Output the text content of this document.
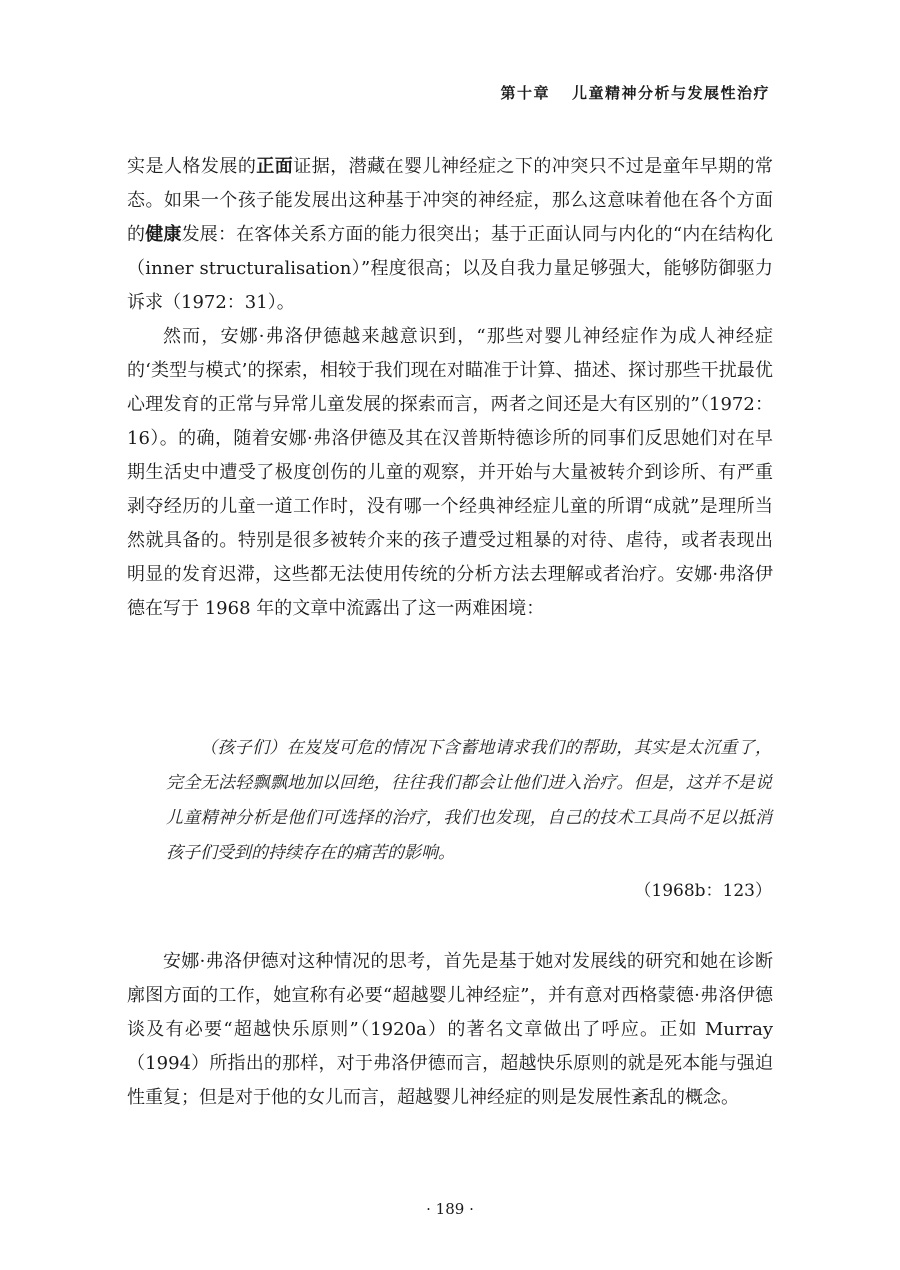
第十章 儿童精神分析与发展性治疗

实是人格发展的正面证据，潜藏在婴儿神经症之下的冲突只不过是童年早期的常态。如果一个孩子能发展出这种基于冲突的神经症，那么这意味着他在各个方面的健康发展：在客体关系方面的能力很突出；基于正面认同与内化的“内在结构化（inner structuralisation）”程度很高；以及自我力量足够强大，能够防御驱力诉求（1972：31）。

然而，安娜·弗洛伊德越来越意识到，“那些对婴儿神经症作为成人神经症的‘类型与模式’的探索，相较于我们现在对瞄准于计算、描述、探讨那些干扰最优心理发育的正常与异常儿童发展的探索而言，两者之间还是大有区别的”（1972：16）。的确，随着安娜·弗洛伊德及其在汉普斯特德诊所的同事们反思她们对在早期生活史中遭受了极度创伤的儿童的观察，并开始与大量被转介到诊所、有严重剥夺经历的儿童一道工作时，没有哪一个经典神经症儿童的所谓“成就”是理所当然就具备的。特别是很多被转介来的孩子遭受过粗暴的对待、虐待，或者表现出明显的发育迟滞，这些都无法使用传统的分析方法去理解或者治疗。安娜·弗洛伊德在写于 1968 年的文章中流露出了这一两难困境：

（孩子们）在岌岌可危的情况下含蓄地请求我们的帮助，其实是太沉重了，完全无法轻飘飘地加以回绝，往往我们都会让他们进入治疗。但是，这并不是说儿童精神分析是他们可选择的治疗，我们也发现，自己的技术工具尚不足以抵消孩子们受到的持续存在的痛苦的影响。

（1968b：123）

安娜·弗洛伊德对这种情况的思考，首先是基于她对发展线的研究和她在诊断廓图方面的工作，她宣称有必要“超越婴儿神经症”，并有意对西格蒙德·弗洛伊德谈及有必要“超越快乐原则”（1920a）的著名文章做出了呼应。正如 Murray（1994）所指出的那样，对于弗洛伊德而言，超越快乐原则的就是死本能与强迫性重复；但是对于他的女儿而言，超越婴儿神经症的则是发展性紊乱的概念。

· 189 ·
